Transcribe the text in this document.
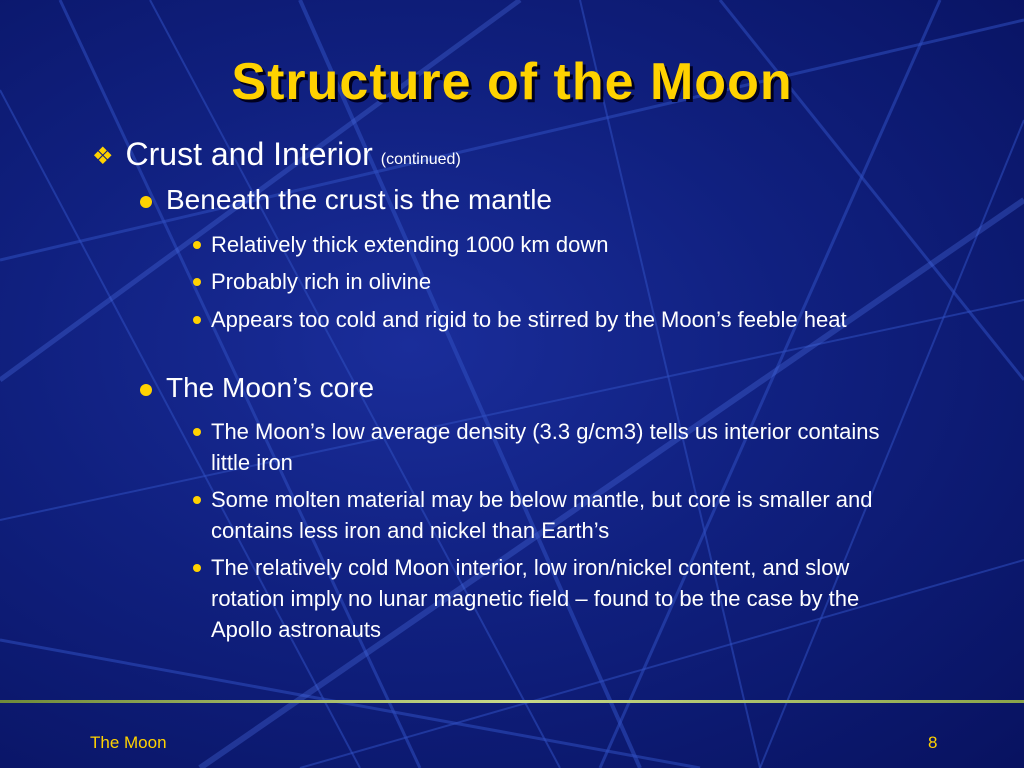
Structure of the Moon
❖ Crust and Interior (continued)
Beneath the crust is the mantle
Relatively thick extending 1000 km down
Probably rich in olivine
Appears too cold and rigid to be stirred by the Moon’s feeble heat
The Moon’s core
The Moon’s low average density (3.3 g/cm3) tells us interior contains little iron
Some molten material may be below mantle, but core is smaller and contains less iron and nickel than Earth’s
The relatively cold Moon interior, low iron/nickel content, and slow rotation imply no lunar magnetic field – found to be the case by the Apollo astronauts
The Moon	8
